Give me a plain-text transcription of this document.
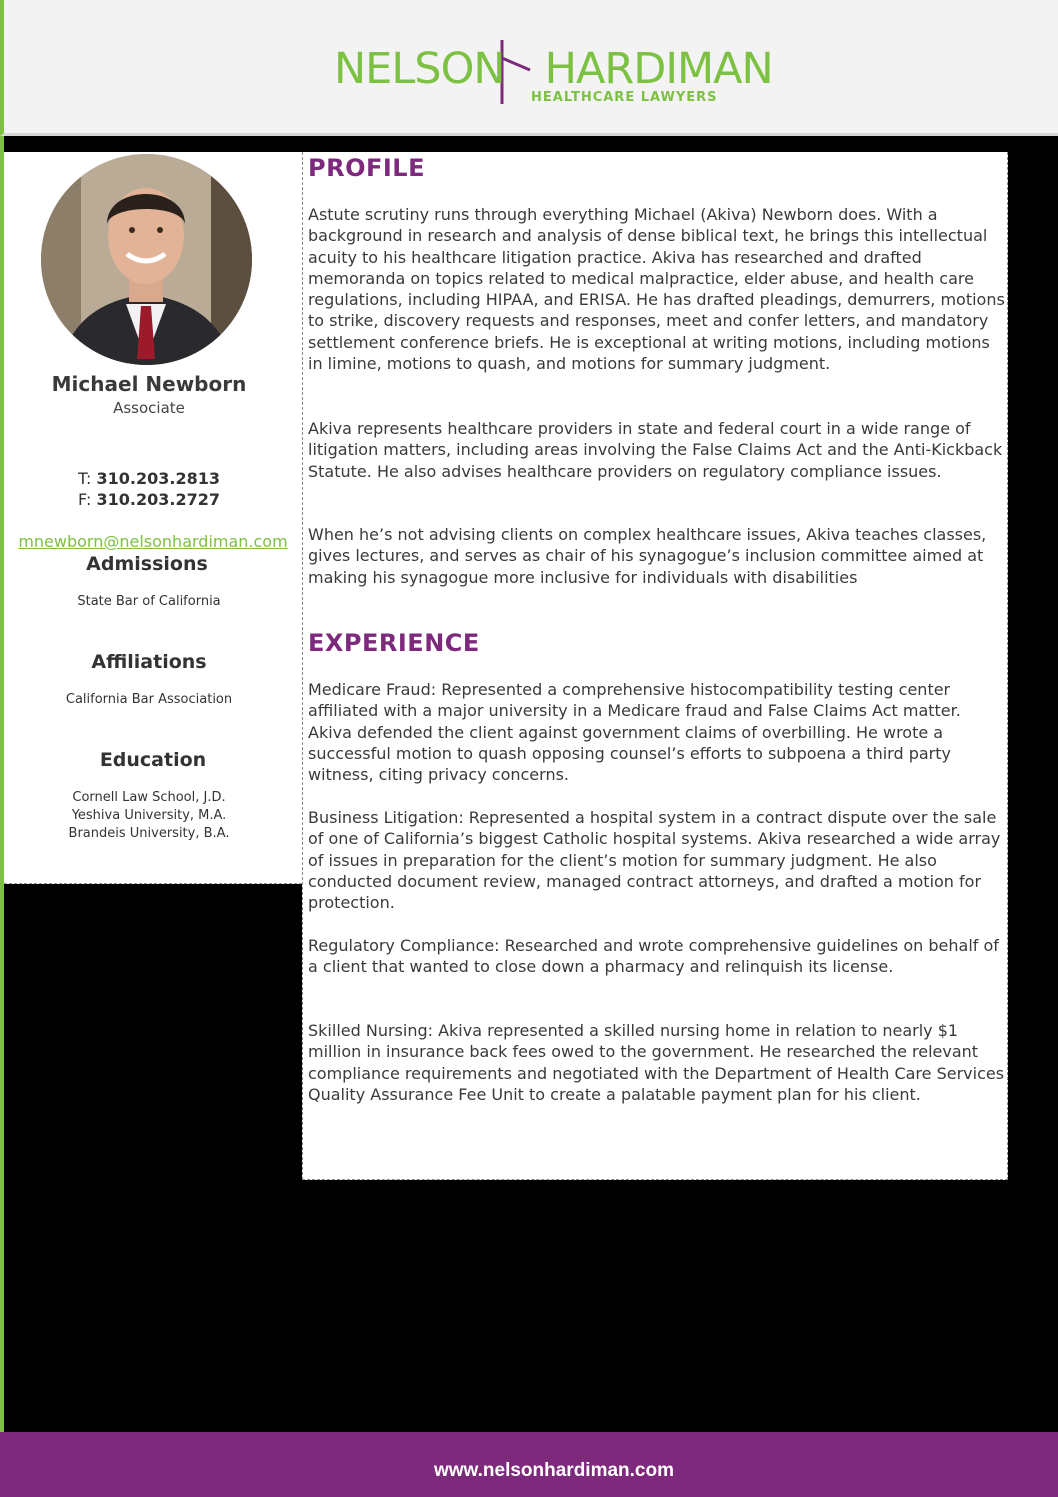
NELSON HARDIMAN
HEALTHCARE LAWYERS
Michael Newborn
Associate
T: 310.203.2813
F: 310.203.2727
mnewborn@nelsonhardiman.com
Admissions
State Bar of California
Affiliations
California Bar Association
Education
Cornell Law School, J.D.
Yeshiva University, M.A.
Brandeis University, B.A.
PROFILE
Astute scrutiny runs through everything Michael (Akiva) Newborn does. With a background in research and analysis of dense biblical text, he brings this intellectual acuity to his healthcare litigation practice. Akiva has researched and drafted memoranda on topics related to medical malpractice, elder abuse, and health care regulations, including HIPAA, and ERISA. He has drafted pleadings, demurrers, motions to strike, discovery requests and responses, meet and confer letters, and mandatory settlement conference briefs. He is exceptional at writing motions, including motions in limine, motions to quash, and motions for summary judgment.
Akiva represents healthcare providers in state and federal court in a wide range of litigation matters, including areas involving the False Claims Act and the Anti-Kickback Statute. He also advises healthcare providers on regulatory compliance issues.
When he’s not advising clients on complex healthcare issues, Akiva teaches classes, gives lectures, and serves as chair of his synagogue’s inclusion committee aimed at making his synagogue more inclusive for individuals with disabilities
EXPERIENCE
Medicare Fraud: Represented a comprehensive histocompatibility testing center affiliated with a major university in a Medicare fraud and False Claims Act matter. Akiva defended the client against government claims of overbilling. He wrote a successful motion to quash opposing counsel’s efforts to subpoena a third party witness, citing privacy concerns.
Business Litigation: Represented a hospital system in a contract dispute over the sale of one of California’s biggest Catholic hospital systems. Akiva researched a wide array of issues in preparation for the client’s motion for summary judgment. He also conducted document review, managed contract attorneys, and drafted a motion for protection.
Regulatory Compliance: Researched and wrote comprehensive guidelines on behalf of a client that wanted to close down a pharmacy and relinquish its license.
Skilled Nursing: Akiva represented a skilled nursing home in relation to nearly $1 million in insurance back fees owed to the government. He researched the relevant compliance requirements and negotiated with the Department of Health Care Services Quality Assurance Fee Unit to create a palatable payment plan for his client.
www.nelsonhardiman.com
